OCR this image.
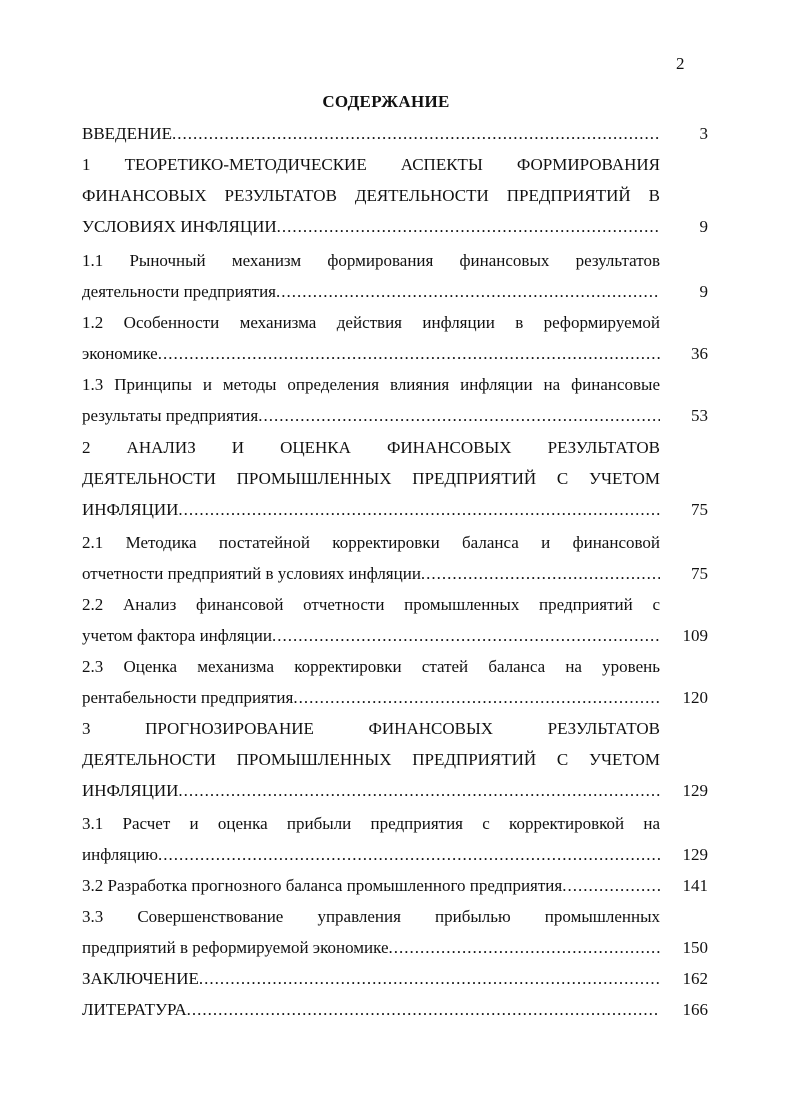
2
СОДЕРЖАНИЕ
ВВЕДЕНИЕ .....	3
1 ТЕОРЕТИКО-МЕТОДИЧЕСКИЕ АСПЕКТЫ ФОРМИРОВАНИЯ
ФИНАНСОВЫХ РЕЗУЛЬТАТОВ ДЕЯТЕЛЬНОСТИ ПРЕДПРИЯТИЙ В
УСЛОВИЯХ ИНФЛЯЦИИ .....	9
1.1 Рыночный механизм формирования финансовых результатов
деятельности предприятия .....	9
1.2 Особенности механизма действия инфляции в реформируемой
экономике .....	36
1.3 Принципы и методы определения влияния инфляции на финансовые
результаты предприятия .....	53
2 АНАЛИЗ И ОЦЕНКА ФИНАНСОВЫХ РЕЗУЛЬТАТОВ
ДЕЯТЕЛЬНОСТИ ПРОМЫШЛЕННЫХ ПРЕДПРИЯТИЙ С УЧЕТОМ
ИНФЛЯЦИИ .....	75
2.1 Методика постатейной корректировки баланса и финансовой
отчетности предприятий в условиях инфляции .....	75
2.2 Анализ финансовой отчетности промышленных предприятий с
учетом фактора инфляции .....	109
2.3 Оценка механизма корректировки статей баланса на уровень
рентабельности предприятия .....	120
3 ПРОГНОЗИРОВАНИЕ ФИНАНСОВЫХ РЕЗУЛЬТАТОВ
ДЕЯТЕЛЬНОСТИ ПРОМЫШЛЕННЫХ ПРЕДПРИЯТИЙ С УЧЕТОМ
ИНФЛЯЦИИ .....	129
3.1 Расчет и оценка прибыли предприятия с корректировкой на
инфляцию .....	129
3.2 Разработка прогнозного баланса промышленного предприятия .....	141
3.3 Совершенствование управления прибылью промышленных
предприятий в реформируемой экономике .....	150
ЗАКЛЮЧЕНИЕ .....	162
ЛИТЕРАТУРА .....	166
